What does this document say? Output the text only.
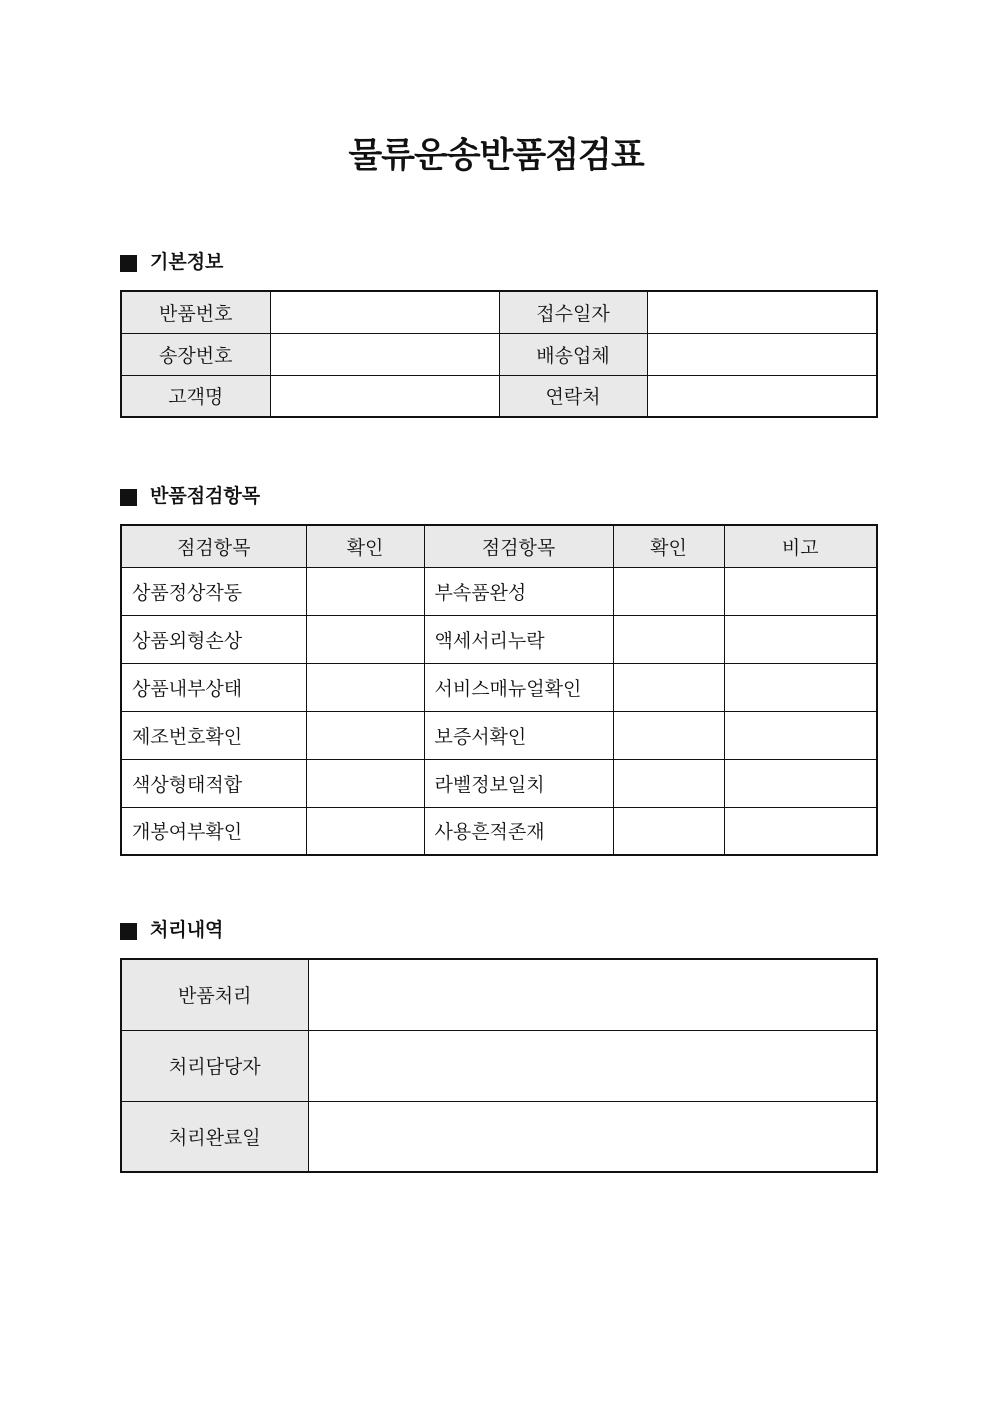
물류운송반품점검표
기본정보
반품번호		접수일자	
송장번호		배송업체	
고객명		연락처	
반품점검항목
점검항목	확인	점검항목	확인	비고
상품정상작동		부속품완성		
상품외형손상		액세서리누락		
상품내부상태		서비스매뉴얼확인		
제조번호확인		보증서확인		
색상형태적합		라벨정보일치		
개봉여부확인		사용흔적존재		
처리내역
반품처리	
처리담당자	
처리완료일	
